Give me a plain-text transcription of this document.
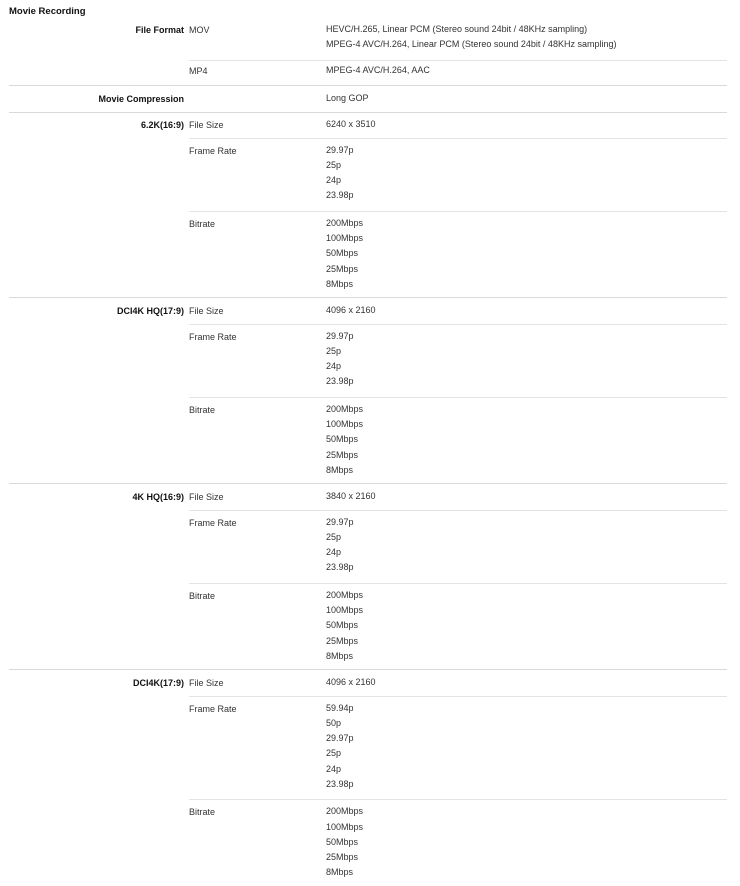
Movie Recording
File Format MOV	HEVC/H.265, Linear PCM (Stereo sound 24bit / 48KHz sampling)
MPEG-4 AVC/H.264, Linear PCM (Stereo sound 24bit / 48KHz sampling)
MP4	MPEG-4 AVC/H.264, AAC
Movie Compression	Long GOP
6.2K(16:9) File Size	6240 x 3510
Frame Rate	29.97p
25p
24p
23.98p
Bitrate	200Mbps
100Mbps
50Mbps
25Mbps
8Mbps
DCI4K HQ(17:9) File Size	4096 x 2160
Frame Rate	29.97p
25p
24p
23.98p
Bitrate	200Mbps
100Mbps
50Mbps
25Mbps
8Mbps
4K HQ(16:9) File Size	3840 x 2160
Frame Rate	29.97p
25p
24p
23.98p
Bitrate	200Mbps
100Mbps
50Mbps
25Mbps
8Mbps
DCI4K(17:9) File Size	4096 x 2160
Frame Rate	59.94p
50p
29.97p
25p
24p
23.98p
Bitrate	200Mbps
100Mbps
50Mbps
25Mbps
8Mbps
